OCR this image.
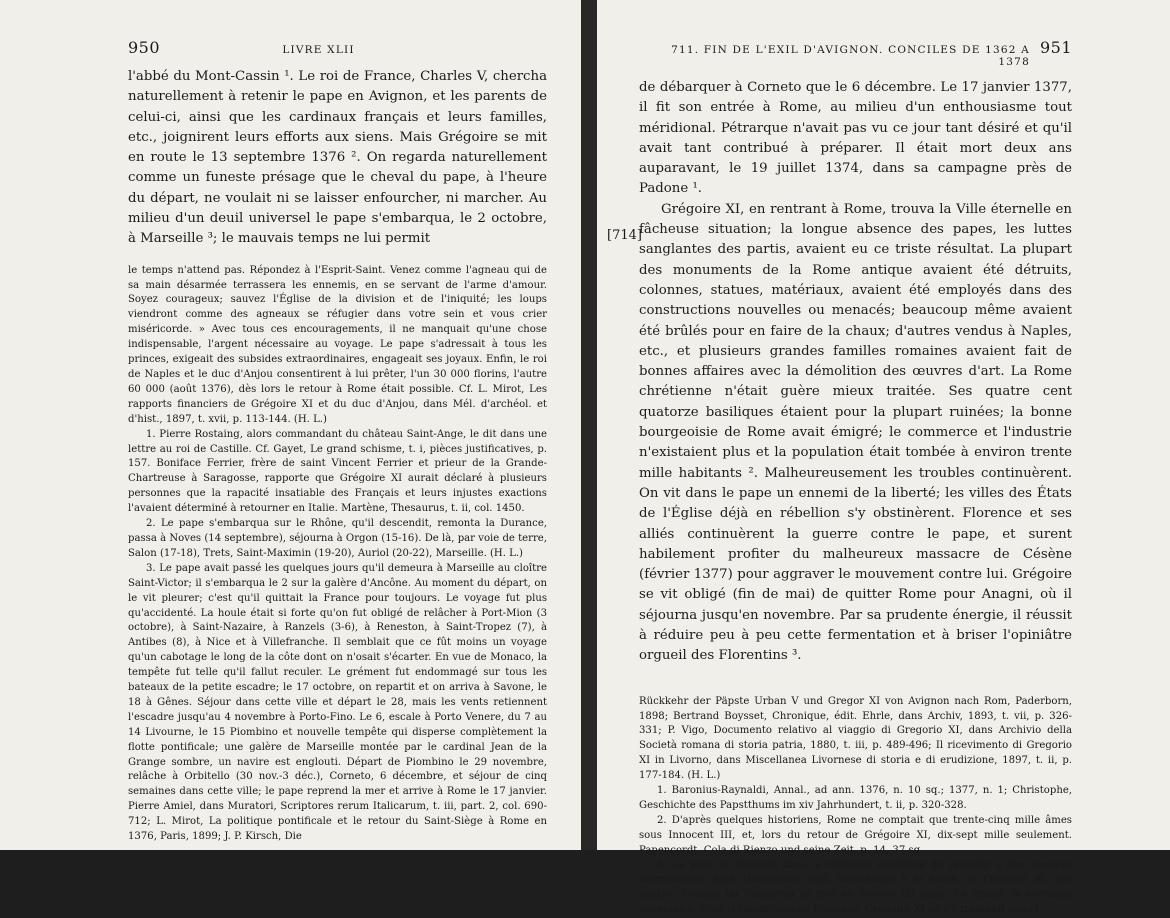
950	LIVRE XLII

l'abbé du Mont-Cassin ¹. Le roi de France, Charles V, chercha naturellement à retenir le pape en Avignon, et les parents de celui-ci, ainsi que les cardinaux français et leurs familles, etc., joignirent leurs efforts aux siens. Mais Grégoire se mit en route le 13 septembre 1376 ². On regarda naturellement comme un funeste présage que le cheval du pape, à l'heure du départ, ne voulait ni se laisser enfourcher, ni marcher. Au milieu d'un deuil universel le pape s'embarqua, le 2 octobre, à Marseille ³; le mauvais temps ne lui permit

le temps n'attend pas. Répondez à l'Esprit-Saint. Venez comme l'agneau qui de sa main désarmée terrassera les ennemis, en se servant de l'arme d'amour. Soyez courageux; sauvez l'Église de la division et de l'iniquité; les loups viendront comme des agneaux se réfugier dans votre sein et vous crier miséricorde. » Avec tous ces encouragements, il ne manquait qu'une chose indispensable, l'argent nécessaire au voyage. Le pape s'adressait à tous les princes, exigeait des subsides extraordinaires, engageait ses joyaux. Enfin, le roi de Naples et le duc d'Anjou consentirent à lui prêter, l'un 30 000 florins, l'autre 60 000 (août 1376), dès lors le retour à Rome était possible. Cf. L. Mirot, Les rapports financiers de Grégoire XI et du duc d'Anjou, dans Mél. d'archéol. et d'hist., 1897, t. xvii, p. 113-144. (H. L.)

1. Pierre Rostaing, alors commandant du château Saint-Ange, le dit dans une lettre au roi de Castille. Cf. Gayet, Le grand schisme, t. i, pièces justificatives, p. 157. Boniface Ferrier, frère de saint Vincent Ferrier et prieur de la Grande-Chartreuse à Saragosse, rapporte que Grégoire XI aurait déclaré à plusieurs personnes que la rapacité insatiable des Français et leurs injustes exactions l'avaient déterminé à retourner en Italie. Martène, Thesaurus, t. ii, col. 1450.

2. Le pape s'embarqua sur le Rhône, qu'il descendit, remonta la Durance, passa à Noves (14 septembre), séjourna à Orgon (15-16). De là, par voie de terre, Salon (17-18), Trets, Saint-Maximin (19-20), Auriol (20-22), Marseille. (H. L.)

3. Le pape avait passé les quelques jours qu'il demeura à Marseille au cloître Saint-Victor; il s'embarqua le 2 sur la galère d'Ancône. Au moment du départ, on le vit pleurer; c'est qu'il quittait la France pour toujours. Le voyage fut plus qu'accidenté. La houle était si forte qu'on fut obligé de relâcher à Port-Mion (3 octobre), à Saint-Nazaire, à Ranzels (3-6), à Reneston, à Saint-Tropez (7), à Antibes (8), à Nice et à Villefranche. Il semblait que ce fût moins un voyage qu'un cabotage le long de la côte dont on n'osait s'écarter. En vue de Monaco, la tempête fut telle qu'il fallut reculer. Le grément fut endommagé sur tous les bateaux de la petite escadre; le 17 octobre, on repartit et on arriva à Savone, le 18 à Gênes. Séjour dans cette ville et départ le 28, mais les vents retiennent l'escadre jusqu'au 4 novembre à Porto-Fino. Le 6, escale à Porto Venere, du 7 au 14 Livourne, le 15 Piombino et nouvelle tempête qui disperse complètement la flotte pontificale; une galère de Marseille montée par le cardinal Jean de la Grange sombre, un navire est englouti. Départ de Piombino le 29 novembre, relâche à Orbitello (30 nov.-3 déc.), Corneto, 6 décembre, et séjour de cinq semaines dans cette ville; le pape reprend la mer et arrive à Rome le 17 janvier. Pierre Amiel, dans Muratori, Scriptores rerum Italicarum, t. iii, part. 2, col. 690-712; L. Mirot, La politique pontificale et le retour du Saint-Siège à Rome en 1376, Paris, 1899; J. P. Kirsch, Die

711. FIN DE L'EXIL D'AVIGNON. CONCILES DE 1362 A 1378
951
[714]

de débarquer à Corneto que le 6 décembre. Le 17 janvier 1377, il fit son entrée à Rome, au milieu d'un enthousiasme tout méridional. Pétrarque n'avait pas vu ce jour tant désiré et qu'il avait tant contribué à préparer. Il était mort deux ans auparavant, le 19 juillet 1374, dans sa campagne près de Padone ¹.

Grégoire XI, en rentrant à Rome, trouva la Ville éternelle en fâcheuse situation; la longue absence des papes, les luttes sanglantes des partis, avaient eu ce triste résultat. La plupart des monuments de la Rome antique avaient été détruits, colonnes, statues, matériaux, avaient été employés dans des constructions nouvelles ou menacés; beaucoup même avaient été brûlés pour en faire de la chaux; d'autres vendus à Naples, etc., et plusieurs grandes familles romaines avaient fait de bonnes affaires avec la démolition des œuvres d'art. La Rome chrétienne n'était guère mieux traitée. Ses quatre cent quatorze basiliques étaient pour la plupart ruinées; la bonne bourgeoisie de Rome avait émigré; le commerce et l'industrie n'existaient plus et la population était tombée à environ trente mille habitants ². Malheureusement les troubles continuèrent. On vit dans le pape un ennemi de la liberté; les villes des États de l'Église déjà en rébellion s'y obstinèrent. Florence et ses alliés continuèrent la guerre contre le pape, et surent habilement profiter du malheureux massacre de Césène (février 1377) pour aggraver le mouvement contre lui. Grégoire se vit obligé (fin de mai) de quitter Rome pour Anagni, où il séjourna jusqu'en novembre. Par sa prudente énergie, il réussit à réduire peu à peu cette fermentation et à briser l'opiniâtre orgueil des Florentins ³.

Rückkehr der Päpste Urban V und Gregor XI von Avignon nach Rom, Paderborn, 1898; Bertrand Boysset, Chronique, édit. Ehrle, dans Archiv, 1893, t. vii, p. 326-331; P. Vigo, Documento relativo al viaggio di Gregorio XI, dans Archivio della Società romana di storia patria, 1880, t. iii, p. 489-496; Il ricevimento di Gregorio XI in Livorno, dans Miscellanea Livornese di storia e di erudizione, 1897, t. ii, p. 177-184. (H. L.)

1. Baronius-Raynaldi, Annal., ad ann. 1376, n. 10 sq.; 1377, n. 1; Christophe, Geschichte des Papstthums im xiv Jahrhundert, t. ii, p. 320-328.

2. D'après quelques historiens, Rome ne comptait que trente-cinq mille âmes sous Innocent III, et, lors du retour de Grégoire XI, dix-sept mille seulement. Papencordt, Cola di Rienzo und seine Zeit, p. 14, 37 sq.

3. Le pape se trouvait dans la fâcheuse condition de recourir à des services mercenaires. John Hawkwood était maintenant à la solde de Florence et, par contre, Rodolfo da Camerino se met au service du pape. Le grand, le véritable adversaire, c'est la république de Florence, Grégoire XI ne s'y trompait pas et
